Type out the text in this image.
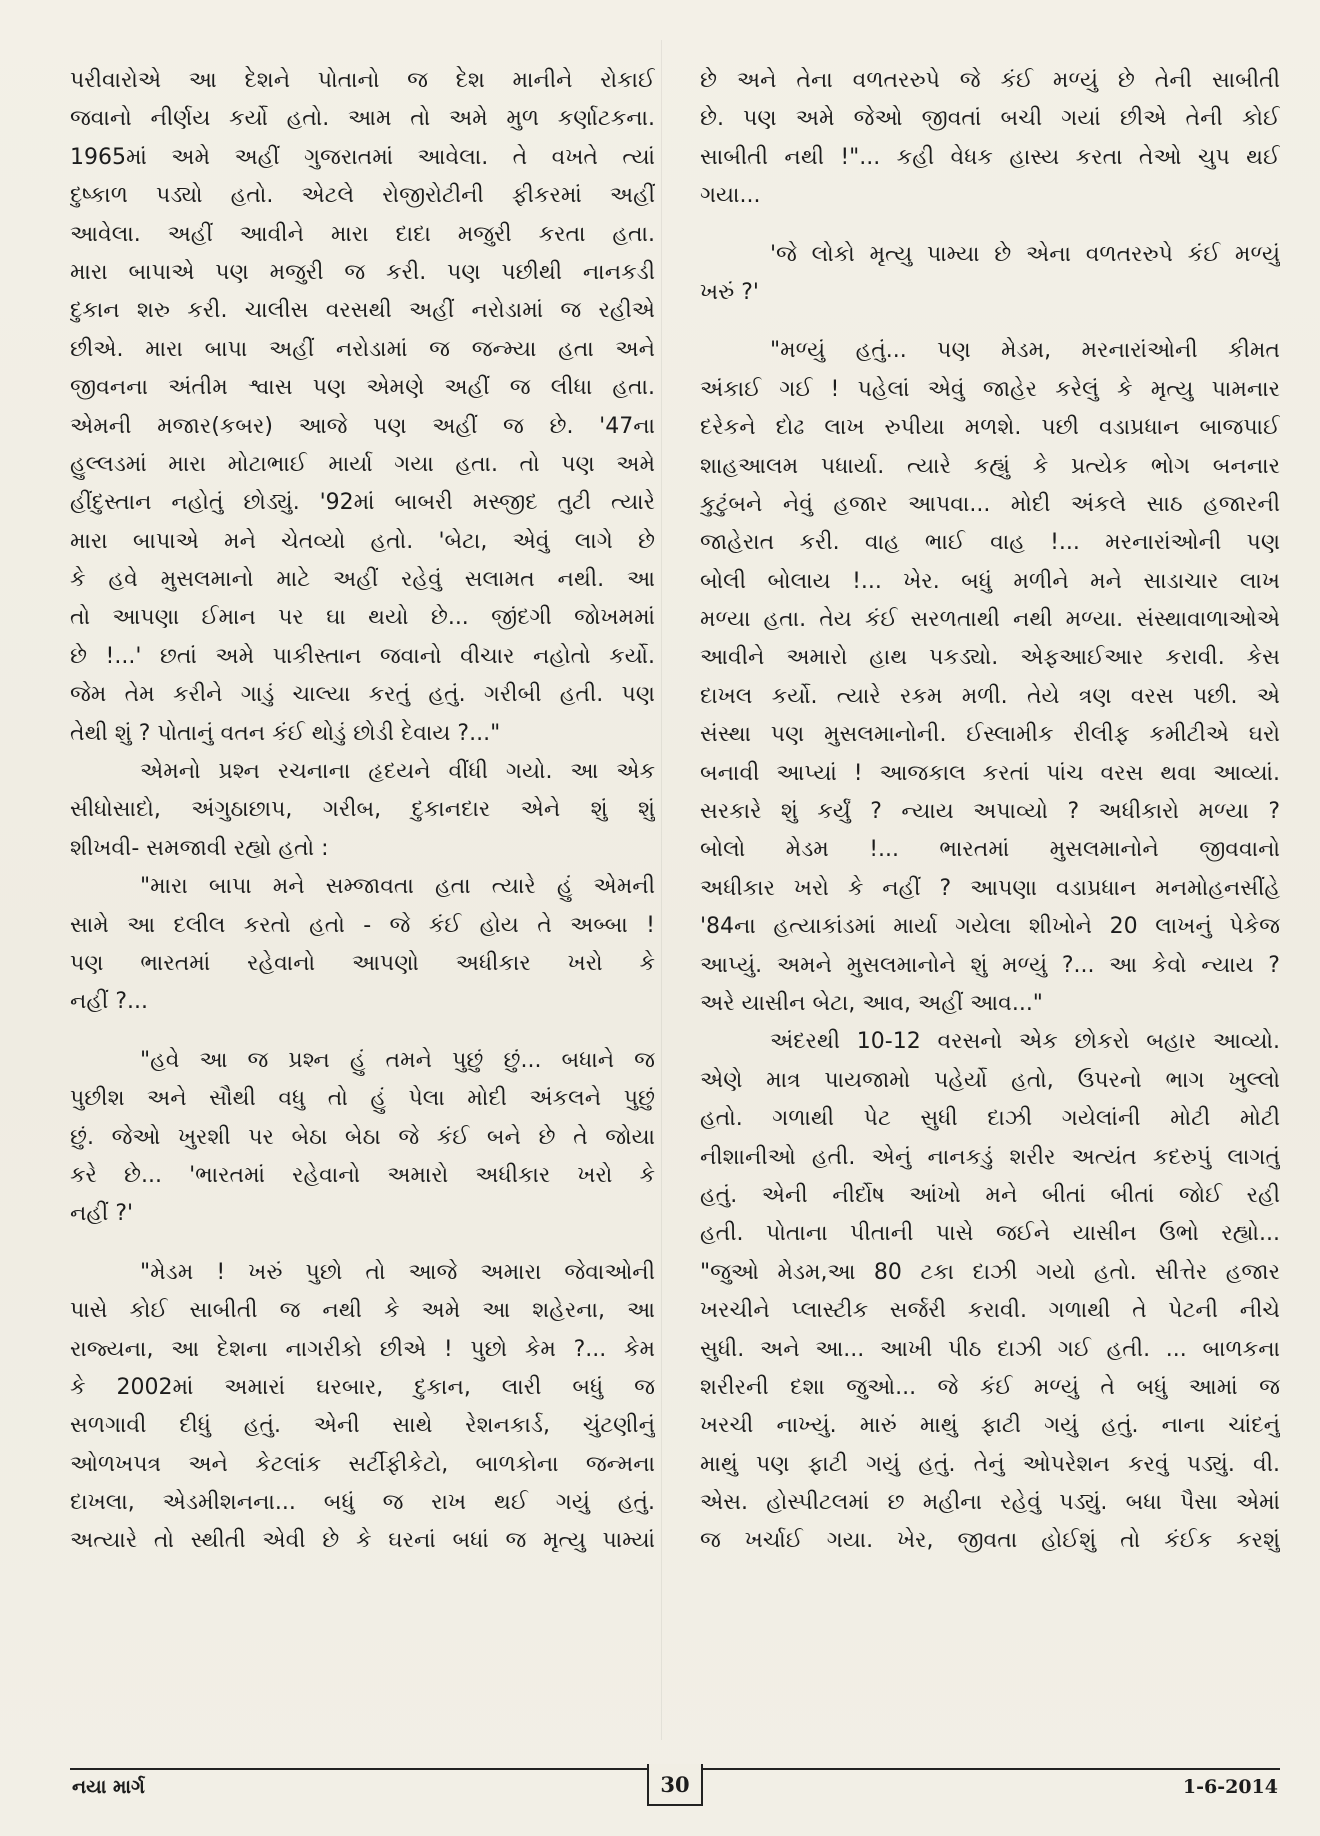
પરીવારોએ આ દેશને પોતાનો જ દેશ માનીને રોકાઈ
જવાનો નીર્ણય કર્યો હતો. આમ તો અમે મુળ કર્ણાટકના.
1965માં અમે અહીં ગુજરાતમાં આવેલા. તે વખતે ત્યાં
દુષ્કાળ પડ્યો હતો. એટલે રોજીરોટીની ફીકરમાં અહીં
આવેલા. અહીં આવીને મારા દાદા મજુરી કરતા હતા.
મારા બાપાએ પણ મજુરી જ કરી. પણ પછીથી નાનકડી
દુકાન શરુ કરી. ચાલીસ વરસથી અહીં નરોડામાં જ રહીએ
છીએ. મારા બાપા અહીં નરોડામાં જ જન્મ્યા હતા અને
જીવનના અંતીમ શ્વાસ પણ એમણે અહીં જ લીધા હતા.
એમની મજાર(કબર) આજે પણ અહીં જ છે. '47ના
હુલ્લડમાં મારા મોટાભાઈ માર્યા ગયા હતા. તો પણ અમે
હીંદુસ્તાન નહોતું છોડ્યું. '92માં બાબરી મસ્જીદ તુટી ત્યારે
મારા બાપાએ મને ચેતવ્યો હતો. 'બેટા, એવું લાગે છે
કે હવે મુસલમાનો માટે અહીં રહેવું સલામત નથી. આ
તો આપણા ઈમાન પર ઘા થયો છે... જીંદગી જોખમમાં
છે !...' છતાં અમે પાકીસ્તાન જવાનો વીચાર નહોતો કર્યો.
જેમ તેમ કરીને ગાડું ચાલ્યા કરતું હતું. ગરીબી હતી. પણ
તેથી શું ? પોતાનું વતન કંઈ થોડું છોડી દેવાય ?..."
એમનો પ્રશ્ન રચનાના હૃદયને વીંધી ગયો. આ એક
સીધોસાદો, અંગુઠાછાપ, ગરીબ, દુકાનદાર એને શું શું
શીખવી- સમજાવી રહ્યો હતો :
"મારા બાપા મને સમ્જાવતા હતા ત્યારે હું એમની
સામે આ દલીલ કરતો હતો - જે કંઈ હોય તે અબ્બા !
પણ ભારતમાં રહેવાનો આપણો અધીકાર ખરો કે
નહીં ?...
"હવે આ જ પ્રશ્ન હું તમને પુછું છું... બધાને જ
પુછીશ અને સૌથી વધુ તો હું પેલા મોદી અંકલને પુછું
છું. જેઓ ખુરશી પર બેઠા બેઠા જે કંઈ બને છે તે જોયા
કરે છે... 'ભારતમાં રહેવાનો અમારો અધીકાર ખરો કે
નહીં ?'
"મેડમ ! ખરું પુછો તો આજે અમારા જેવાઓની
પાસે કોઈ સાબીતી જ નથી કે અમે આ શહેરના, આ
રાજ્યના, આ દેશના નાગરીકો છીએ ! પુછો કેમ ?... કેમ
કે 2002માં અમારાં ઘરબાર, દુકાન, લારી બધું જ
સળગાવી દીધું હતું. એની સાથે રેશનકાર્ડ, ચુંટણીનું
ઓળખપત્ર અને કેટલાંક સર્ટીફીકેટો, બાળકોના જન્મના
દાખલા, એડમીશનના... બધું જ રાખ થઈ ગયું હતું.
અત્યારે તો સ્થીતી એવી છે કે ઘરનાં બધાં જ મૃત્યુ પામ્યાં
છે અને તેના વળતરરુપે જે કંઈ મળ્યું છે તેની સાબીતી
છે. પણ અમે જેઓ જીવતાં બચી ગયાં છીએ તેની કોઈ
સાબીતી નથી !"... કહી વેધક હાસ્ય કરતા તેઓ ચુપ થઈ
ગયા...
'જે લોકો મૃત્યુ પામ્યા છે એના વળતરરુપે કંઈ મળ્યું
ખરું ?'
"મળ્યું હતું... પણ મેડમ, મરનારાંઓની કીમત
અંકાઈ ગઈ ! પહેલાં એવું જાહેર કરેલું કે મૃત્યુ પામનાર
દરેકને દોઢ લાખ રુપીયા મળશે. પછી વડાપ્રધાન બાજપાઈ
શાહઆલમ પધાર્યા. ત્યારે કહ્યું કે પ્રત્યેક ભોગ બનનાર
કુટુંબને નેવું હજાર આપવા... મોદી અંકલે સાઠ હજારની
જાહેરાત કરી. વાહ ભાઈ વાહ !... મરનારાંઓની પણ
બોલી બોલાય !... ખેર. બધું મળીને મને સાડાચાર લાખ
મળ્યા હતા. તેય કંઈ સરળતાથી નથી મળ્યા. સંસ્થાવાળાઓએ
આવીને અમારો હાથ પકડ્યો. એફઆઈઆર કરાવી. કેસ
દાખલ કર્યો. ત્યારે રકમ મળી. તેયે ત્રણ વરસ પછી. એ
સંસ્થા પણ મુસલમાનોની. ઈસ્લામીક રીલીફ કમીટીએ ઘરો
બનાવી આપ્યાં ! આજકાલ કરતાં પાંચ વરસ થવા આવ્યાં.
સરકારે શું કર્યું ? ન્યાય અપાવ્યો ? અધીકારો મળ્યા ?
બોલો મેડમ !... ભારતમાં મુસલમાનોને જીવવાનો
અધીકાર ખરો કે નહીં ? આપણા વડાપ્રધાન મનમોહનસીંહે
'84ના હત્યાકાંડમાં માર્યા ગયેલા શીખોને 20 લાખનું પેકેજ
આપ્યું. અમને મુસલમાનોને શું મળ્યું ?... આ કેવો ન્યાય ?
અરે યાસીન બેટા, આવ, અહીં આવ..."
અંદરથી 10-12 વરસનો એક છોકરો બહાર આવ્યો.
એણે માત્ર પાયજામો પહેર્યો હતો, ઉપરનો ભાગ ખુલ્લો
હતો. ગળાથી પેટ સુધી દાઝી ગયેલાંની મોટી મોટી
નીશાનીઓ હતી. એનું નાનકડું શરીર અત્યંત કદરુપું લાગતું
હતું. એની નીર્દોષ આંખો મને બીતાં બીતાં જોઈ રહી
હતી. પોતાના પીતાની પાસે જઈને યાસીન ઉભો રહ્યો...
"જુઓ મેડમ,આ 80 ટકા દાઝી ગયો હતો. સીત્તેર હજાર
ખરચીને પ્લાસ્ટીક સર્જરી કરાવી. ગળાથી તે પેટની નીચે
સુધી. અને આ... આખી પીઠ દાઝી ગઈ હતી. ... બાળકના
શરીરની દશા જુઓ... જે કંઈ મળ્યું તે બધું આમાં જ
ખરચી નાખ્યું. મારું માથું ફાટી ગયું હતું. નાના ચાંદનું
માથું પણ ફાટી ગયું હતું. તેનું ઓપરેશન કરવું પડ્યું. વી.
એસ. હોસ્પીટલમાં છ મહીના રહેવું પડ્યું. બધા પૈસા એમાં
જ ખર્ચાઈ ગયા. ખેર, જીવતા હોઈશું તો કંઈક કરશું
નયા માર્ગ	30	1-6-2014
